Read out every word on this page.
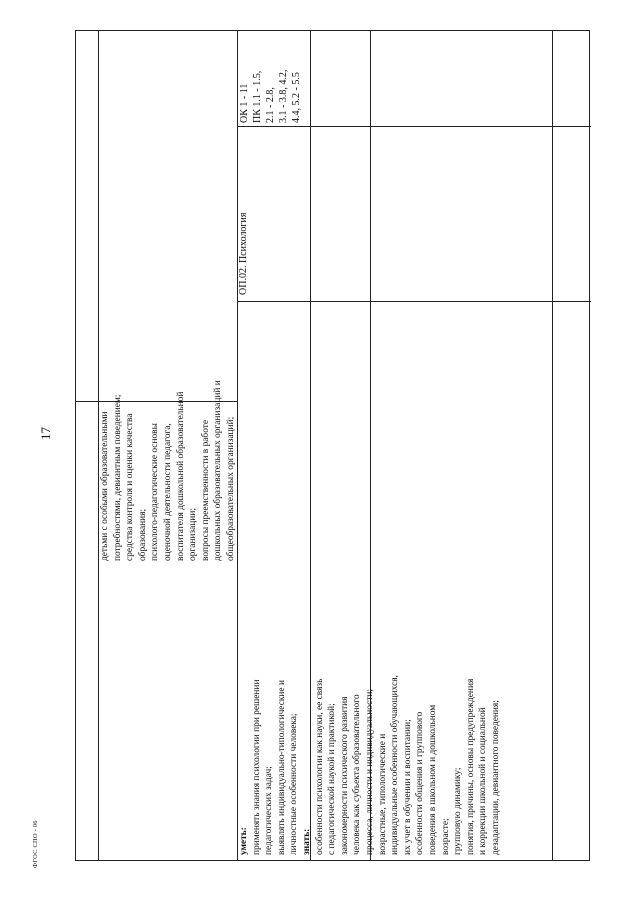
17	детьми с особыми образовательными потребностями, девиантным поведением; средства контроля и оценки качества образования; психолого-педагогические основы оценочной деятельности педагога, воспитателя дошкольной образовательной организации; вопросы преемственности в работе дошкольных образовательных организаций и общеобразовательных организаций;
уметь: применять знания психологии при решении педагогических задач; выявлять индивидуально-типологические и личностные особенности человека; знать: особенности психологии как науки, ее связь с педагогической наукой и практикой; закономерности психического развития человека как субъекта образовательного процесса, личности и индивидуальности; возрастные, типологические и индивидуальные особенности обучающихся, их учет в обучении и воспитании; особенности общения и группового поведения в школьном и дошкольном возрасте; групповую динамику; понятия, причины, основы предупреждения и коррекции школьной и социальной дезадаптации, девиантного поведения;
ОП.02. Психология
ОК 1 - 11 ПК 1.1 - 1.5, 2.1 - 2.8, 3.1 - 3.8, 4.2, 4.4, 5.2 - 5.5
ФГОС СПО - 06
